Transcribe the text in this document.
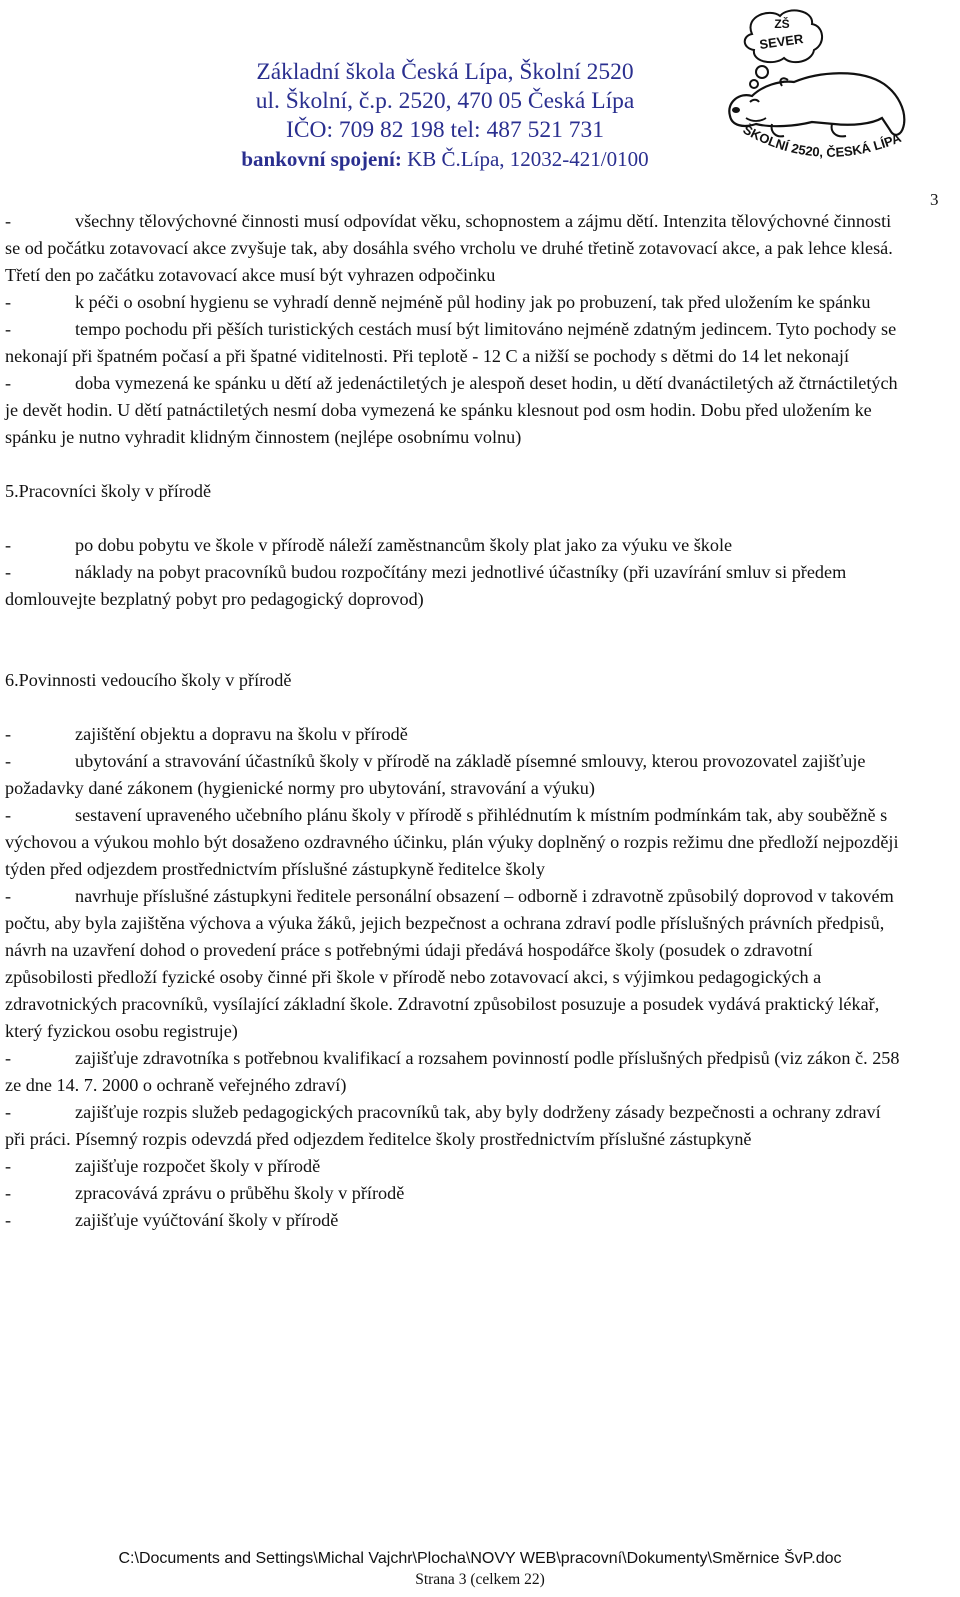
Základní škola Česká Lípa, Školní 2520
ul. Školní, č.p. 2520, 470 05 Česká Lípa
IČO: 709 82 198 tel: 487 521 731
bankovní spojení: KB Č.Lípa, 12032-421/0100
ZŠ
SEVER
ŠKOLNÍ 2520, ČESKÁ LÍPA
3

-	všechny tělovýchovné činnosti musí odpovídat věku, schopnostem a zájmu dětí. Intenzita tělovýchovné činnosti se od počátku zotavovací akce zvyšuje tak, aby dosáhla svého vrcholu ve druhé třetině zotavovací akce, a pak lehce klesá. Třetí den po začátku zotavovací akce musí být vyhrazen odpočinku

-	k péči o osobní hygienu se vyhradí denně nejméně půl hodiny jak po probuzení, tak před uložením ke spánku

-	tempo pochodu při pěších turistických cestách musí být limitováno nejméně zdatným jedincem. Tyto pochody se nekonají při špatném počasí a při špatné viditelnosti. Při teplotě - 12 C a nižší se pochody s dětmi do 14 let nekonají

-	doba vymezená ke spánku u dětí až jedenáctiletých je alespoň deset hodin, u dětí dvanáctiletých až čtrnáctiletých je devět hodin. U dětí patnáctiletých nesmí doba vymezená ke spánku klesnout pod osm hodin. Dobu před uložením ke spánku je nutno vyhradit klidným činnostem (nejlépe osobnímu volnu)

5.Pracovníci školy v přírodě

-	po dobu pobytu ve škole v přírodě náleží zaměstnancům školy plat jako za výuku ve škole

-	náklady na pobyt pracovníků budou rozpočítány mezi jednotlivé účastníky (při uzavírání smluv si předem domlouvejte bezplatný pobyt pro pedagogický doprovod)

6.Povinnosti vedoucího školy v přírodě

-	zajištění objektu a dopravu na školu v přírodě

-	ubytování a stravování účastníků školy v přírodě na základě písemné smlouvy, kterou provozovatel zajišťuje požadavky dané zákonem (hygienické normy pro ubytování, stravování a výuku)

-	sestavení upraveného učebního plánu školy v přírodě s přihlédnutím k místním podmínkám tak, aby souběžně s výchovou a výukou mohlo být dosaženo ozdravného účinku, plán výuky doplněný o rozpis režimu dne předloží nejpozději týden před odjezdem prostřednictvím příslušné zástupkyně ředitelce školy

-	navrhuje příslušné zástupkyni ředitele personální obsazení – odborně i zdravotně způsobilý doprovod v takovém počtu, aby byla zajištěna výchova a výuka žáků, jejich bezpečnost a ochrana zdraví podle příslušných právních předpisů, návrh na uzavření dohod o provedení práce s potřebnými údaji předává hospodářce školy (posudek o zdravotní způsobilosti předloží fyzické osoby činné při škole v přírodě nebo zotavovací akci, s výjimkou pedagogických a zdravotnických pracovníků, vysílající základní škole. Zdravotní způsobilost posuzuje a posudek vydává praktický lékař, který fyzickou osobu registruje)

-	zajišťuje zdravotníka s potřebnou kvalifikací a rozsahem povinností podle příslušných předpisů (viz zákon č. 258 ze dne 14. 7. 2000 o ochraně veřejného zdraví)

-	zajišťuje rozpis služeb pedagogických pracovníků tak, aby byly dodrženy zásady bezpečnosti a ochrany zdraví při práci. Písemný rozpis odevzdá před odjezdem ředitelce školy prostřednictvím příslušné zástupkyně

-	zajišťuje rozpočet školy v přírodě

-	zpracovává zprávu o průběhu školy v přírodě

-	zajišťuje vyúčtování školy v přírodě

C:\Documents and Settings\Michal Vajchr\Plocha\NOVY WEB\pracovní\Dokumenty\Směrnice ŠvP.doc
Strana 3 (celkem 22)
